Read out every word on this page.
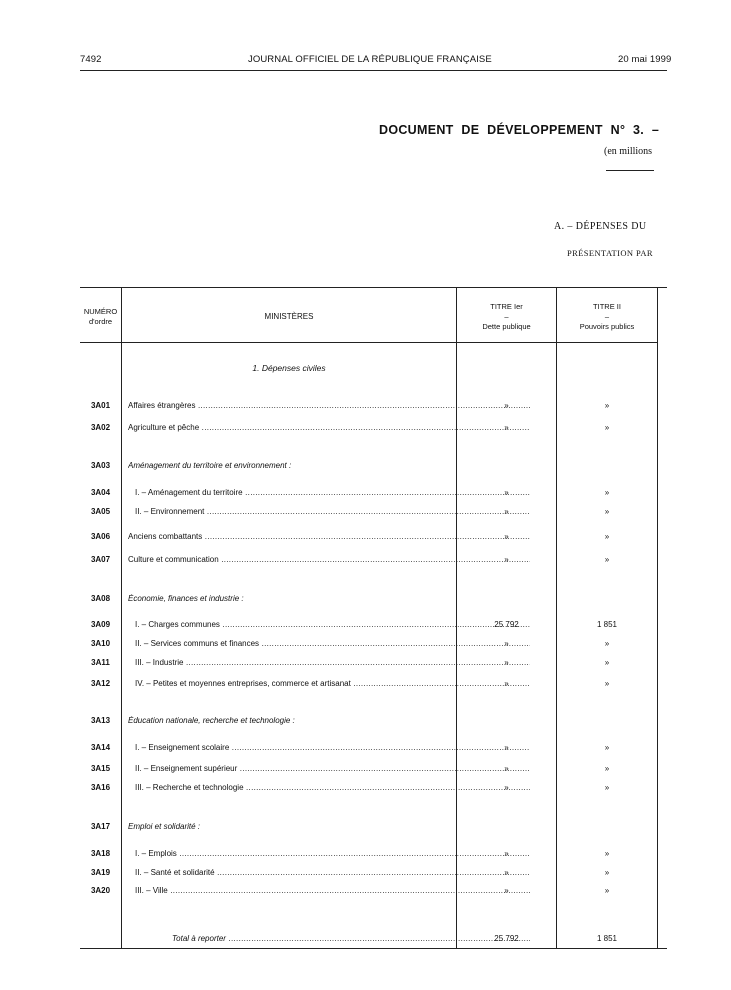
7492	JOURNAL OFFICIEL DE LA RÉPUBLIQUE FRANÇAISE	20 mai 1999
DOCUMENT DE DÉVELOPPEMENT N° 3. –
(en millions
A. – DÉPENSES DU
PRÉSENTATION PAR
NUMÉRO
d'ordre
MINISTÈRES
TITRE Ier
–
Dette publique
TITRE II
–
Pouvoirs publics
1. Dépenses civiles
3A01	Affaires étrangères .....	»	»
3A02	Agriculture et pêche .....	»	»
3A03	Aménagement du territoire et environnement :
3A04	I. – Aménagement du territoire .....	»	»
3A05	II. – Environnement .....	»	»
3A06	Anciens combattants .....	»	»
3A07	Culture et communication .....	»	»
3A08	Économie, finances et industrie :
3A09	I. – Charges communes .....	25 792	1 851
3A10	II. – Services communs et finances .....	»	»
3A11	III. – Industrie .....	»	»
3A12	IV. – Petites et moyennes entreprises, commerce et artisanat .....	»	»
3A13	Éducation nationale, recherche et technologie :
3A14	I. – Enseignement scolaire .....	»	»
3A15	II. – Enseignement supérieur .....	»	»
3A16	III. – Recherche et technologie .....	»	»
3A17	Emploi et solidarité :
3A18	I. – Emplois .....	»	»
3A19	II. – Santé et solidarité .....	»	»
3A20	III. – Ville .....	»	»
Total à reporter .....	25 792	1 851
